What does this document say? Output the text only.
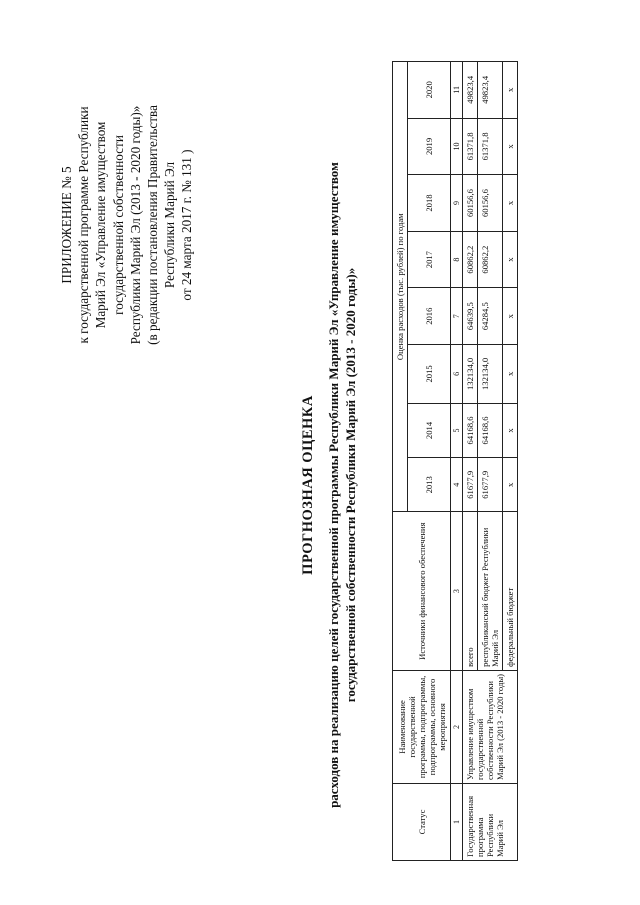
ПРИЛОЖЕНИЕ № 5 к государственной программе Республики Марий Эл «Управление имуществом государственной собственности Республики Марий Эл (2013 - 2020 годы)» (в редакции постановления Правительства Республики Марий Эл от 24 марта 2017 г. № 131 )
ПРОГНОЗНАЯ ОЦЕНКА расходов на реализацию целей государственной программы Республики Марий Эл «Управление имуществом государственной собственности Республики Марий Эл (2013 - 2020 годы)»
Статус	Наименование государственной программы, подпрограммы, подпрограммы, основного мероприятия	Источники финансового обеспечения	Оценка расходов (тыс. рублей) по годам							
			2013	2014	2015	2016	2017	2018	2019	2020
1	2	3	4	5	6	7	8	9	10	11
Государственная программа Республики Марий Эл	Управление имуществом государственной собственности Республики Марий Эл (2013 - 2020 годы)	всего	61677,9	64168,6	132134,0	64639,5	60862,2	60156,6	61371,8	49823,4
		республиканский бюджет Республики Марий Эл	61677,9	64168,6	132134,0	64284,5	60862,2	60156,6	61371,8	49823,4
		федеральный бюджет	x	x	x	x	x	x	x	x
